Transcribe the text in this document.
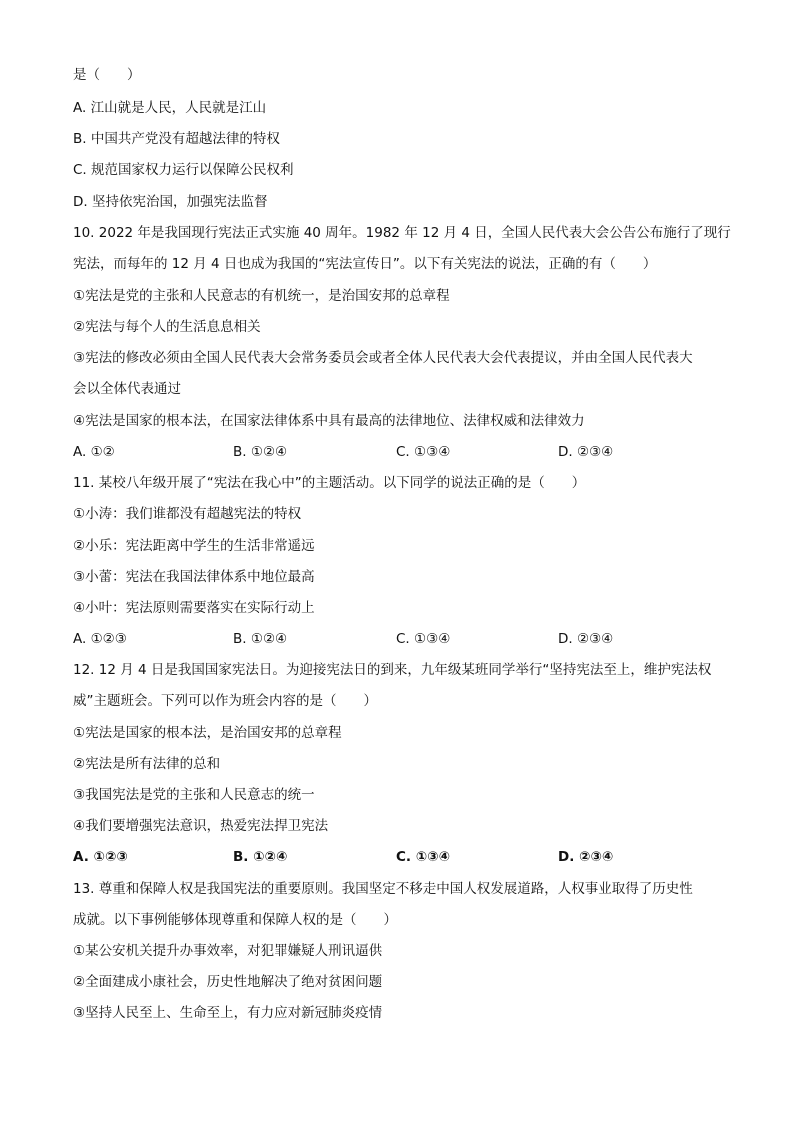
是（　　）
A. 江山就是人民，人民就是江山
B. 中国共产党没有超越法律的特权
C. 规范国家权力运行以保障公民权利
D. 坚持依宪治国，加强宪法监督
10. 2022 年是我国现行宪法正式实施 40 周年。1982 年 12 月 4 日，全国人民代表大会公告公布施行了现行
宪法，而每年的 12 月 4 日也成为我国的“宪法宣传日”。以下有关宪法的说法，正确的有（　　）
①宪法是党的主张和人民意志的有机统一，是治国安邦的总章程
②宪法与每个人的生活息息相关
③宪法的修改必须由全国人民代表大会常务委员会或者全体人民代表大会代表提议，并由全国人民代表大
会以全体代表通过
④宪法是国家的根本法，在国家法律体系中具有最高的法律地位、法律权威和法律效力
A. ①②	B. ①②④	C. ①③④	D. ②③④
11. 某校八年级开展了“宪法在我心中”的主题活动。以下同学的说法正确的是（　　）
①小涛：我们谁都没有超越宪法的特权
②小乐：宪法距离中学生的生活非常遥远
③小蕾：宪法在我国法律体系中地位最高
④小叶：宪法原则需要落实在实际行动上
A. ①②③	B. ①②④	C. ①③④	D. ②③④
12. 12 月 4 日是我国国家宪法日。为迎接宪法日的到来，九年级某班同学举行“坚持宪法至上，维护宪法权
威”主题班会。下列可以作为班会内容的是（　　）
①宪法是国家的根本法，是治国安邦的总章程
②宪法是所有法律的总和
③我国宪法是党的主张和人民意志的统一
④我们要增强宪法意识，热爱宪法捍卫宪法
A. ①②③	B. ①②④	C. ①③④	D. ②③④
13. 尊重和保障人权是我国宪法的重要原则。我国坚定不移走中国人权发展道路，人权事业取得了历史性
成就。以下事例能够体现尊重和保障人权的是（　　）
①某公安机关提升办事效率，对犯罪嫌疑人刑讯逼供
②全面建成小康社会，历史性地解决了绝对贫困问题
③坚持人民至上、生命至上，有力应对新冠肺炎疫情
